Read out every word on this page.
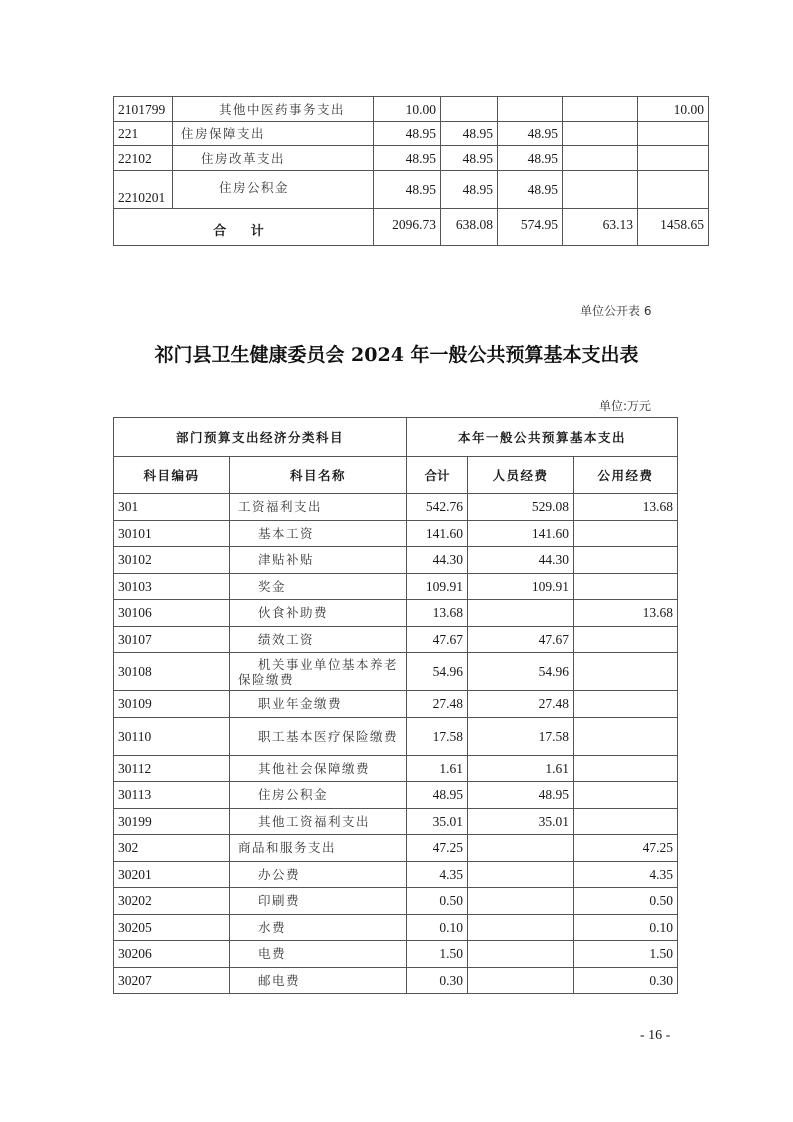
2101799	其他中医药事务支出	10.00				10.00
221	住房保障支出	48.95	48.95	48.95		
22102	住房改革支出	48.95	48.95	48.95		
2210201	住房公积金	48.95	48.95	48.95		
合 计		2096.73	638.08	574.95	63.13	1458.65
单位公开表 6
祁门县卫生健康委员会 2024 年一般公共预算基本支出表
单位:万元
部门预算支出经济分类科目		本年一般公共预算基本支出		
科目编码	科目名称	合计	人员经费	公用经费
301	工资福利支出	542.76	529.08	13.68
30101	基本工资	141.60	141.60	
30102	津贴补贴	44.30	44.30	
30103	奖金	109.91	109.91	
30106	伙食补助费	13.68		13.68
30107	绩效工资	47.67	47.67	
30108	机关事业单位基本养老保险缴费	54.96	54.96	
30109	职业年金缴费	27.48	27.48	
30110	职工基本医疗保险缴费	17.58	17.58	
30112	其他社会保障缴费	1.61	1.61	
30113	住房公积金	48.95	48.95	
30199	其他工资福利支出	35.01	35.01	
302	商品和服务支出	47.25		47.25
30201	办公费	4.35		4.35
30202	印刷费	0.50		0.50
30205	水费	0.10		0.10
30206	电费	1.50		1.50
30207	邮电费	0.30		0.30
- 16 -
